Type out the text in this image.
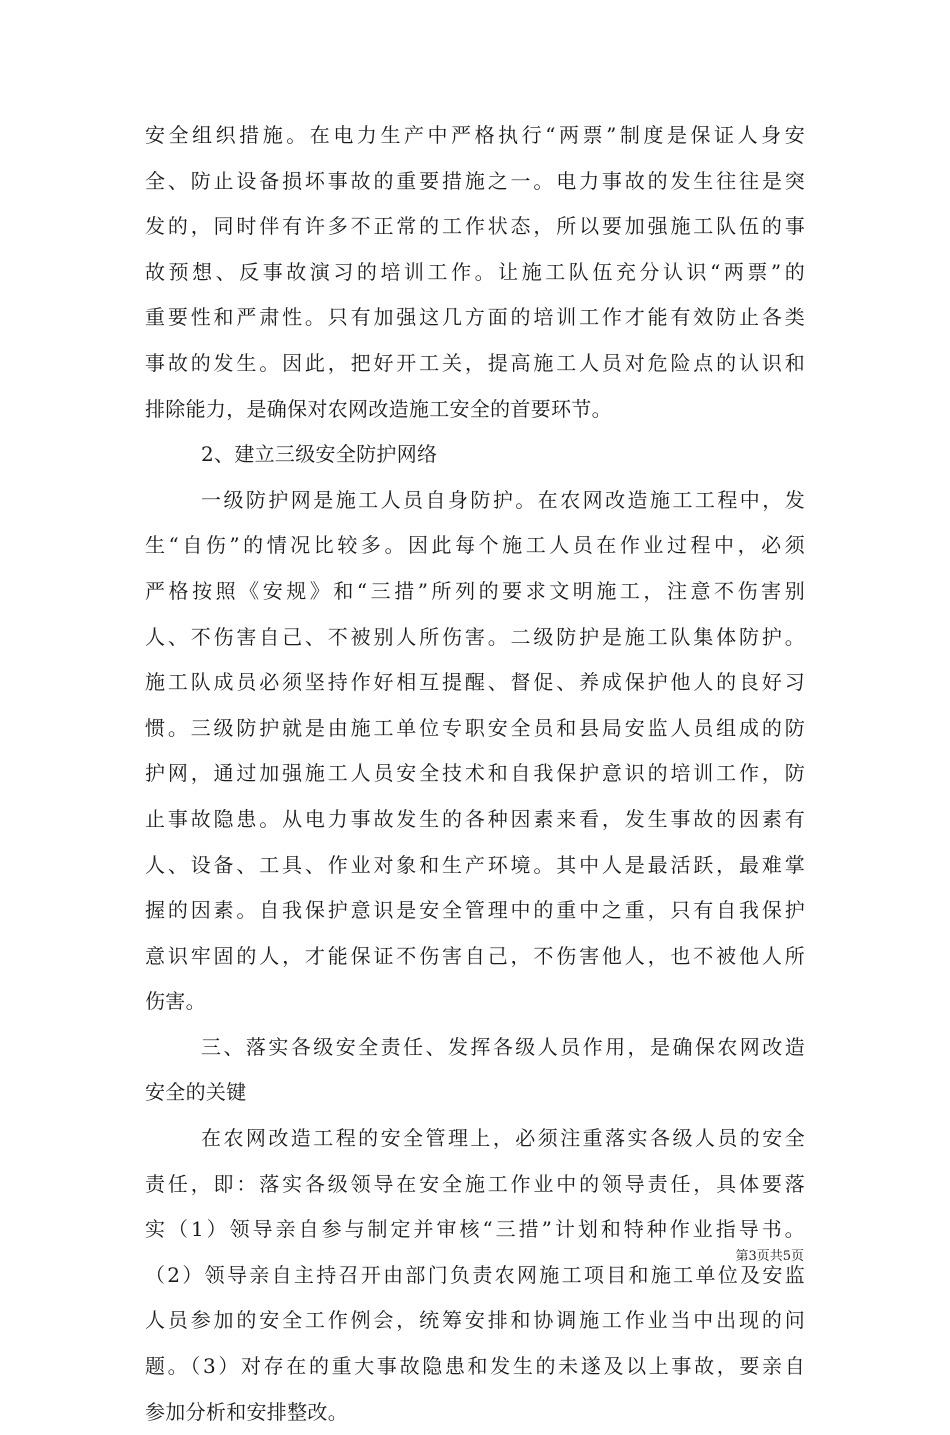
安全组织措施。在电力生产中严格执行“两票”制度是保证人身安
全、防止设备损坏事故的重要措施之一。电力事故的发生往往是突
发的，同时伴有许多不正常的工作状态，所以要加强施工队伍的事
故预想、反事故演习的培训工作。让施工队伍充分认识“两票”的
重要性和严肃性。只有加强这几方面的培训工作才能有效防止各类
事故的发生。因此，把好开工关，提高施工人员对危险点的认识和
排除能力，是确保对农网改造施工安全的首要环节。
2、建立三级安全防护网络
一级防护网是施工人员自身防护。在农网改造施工工程中，发
生“自伤”的情况比较多。因此每个施工人员在作业过程中，必须
严格按照《安规》和“三措”所列的要求文明施工，注意不伤害别
人、不伤害自己、不被别人所伤害。二级防护是施工队集体防护。
施工队成员必须坚持作好相互提醒、督促、养成保护他人的良好习
惯。三级防护就是由施工单位专职安全员和县局安监人员组成的防
护网，通过加强施工人员安全技术和自我保护意识的培训工作，防
止事故隐患。从电力事故发生的各种因素来看，发生事故的因素有
人、设备、工具、作业对象和生产环境。其中人是最活跃，最难掌
握的因素。自我保护意识是安全管理中的重中之重，只有自我保护
意识牢固的人，才能保证不伤害自己，不伤害他人，也不被他人所
伤害。
三、落实各级安全责任、发挥各级人员作用，是确保农网改造
安全的关键
在农网改造工程的安全管理上，必须注重落实各级人员的安全
责任，即：落实各级领导在安全施工作业中的领导责任，具体要落
实（1）领导亲自参与制定并审核“三措”计划和特种作业指导书。
（2）领导亲自主持召开由部门负责农网施工项目和施工单位及安监
人员参加的安全工作例会，统筹安排和协调施工作业当中出现的问
题。（3）对存在的重大事故隐患和发生的未遂及以上事故，要亲自
参加分析和安排整改。
第3页共5页
